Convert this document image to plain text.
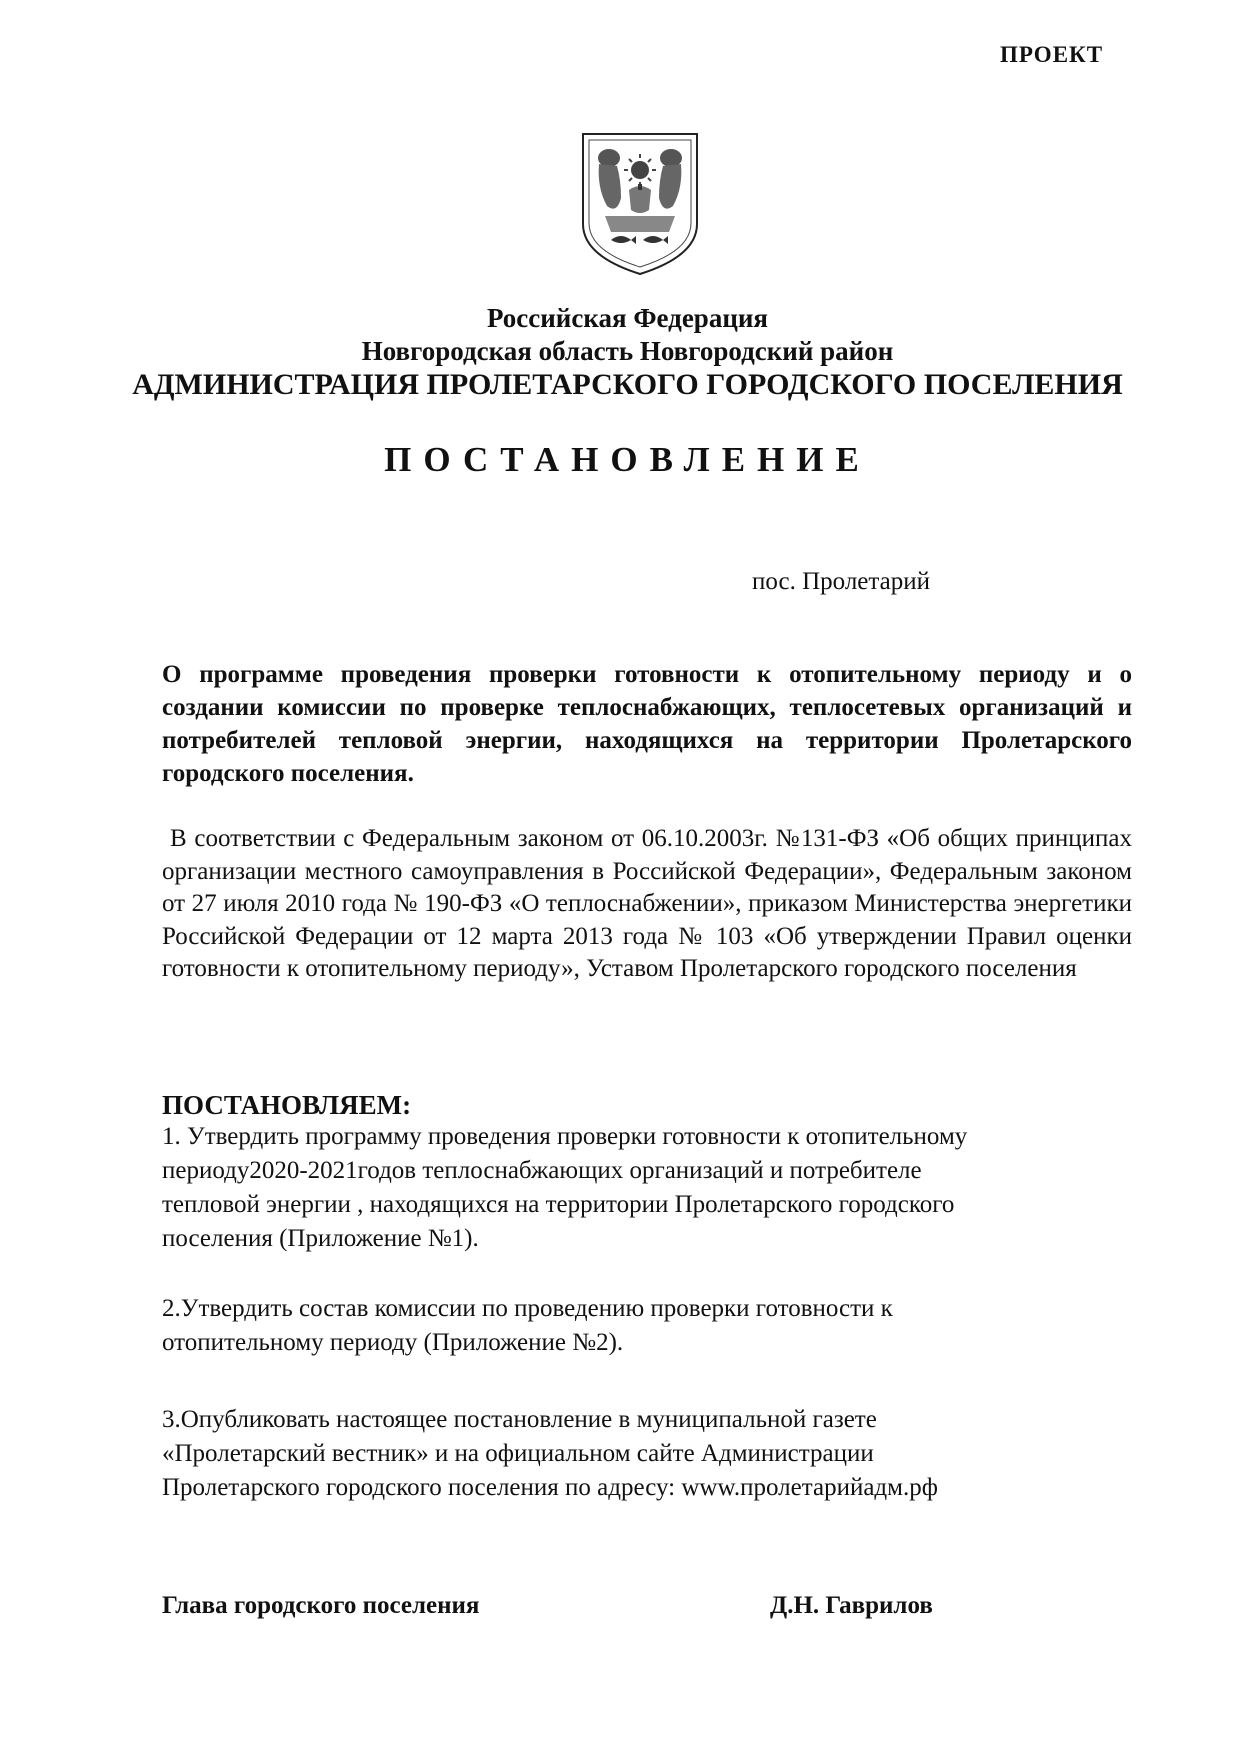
ПРОЕКТ
Российская Федерация
Новгородская область Новгородский район
АДМИНИСТРАЦИЯ ПРОЛЕТАРСКОГО ГОРОДСКОГО ПОСЕЛЕНИЯ
ПОСТАНОВЛЕНИЕ
пос. Пролетарий
О программе проведения проверки готовности к отопительному периоду и о создании комиссии по проверке теплоснабжающих, теплосетевых организаций и потребителей тепловой энергии, находящихся на территории Пролетарского городского поселения.
В соответствии с Федеральным законом от 06.10.2003г. №131-ФЗ «Об общих принципах организации местного самоуправления в Российской Федерации», Федеральным законом от 27 июля 2010 года № 190-ФЗ «О теплоснабжении», приказом Министерства энергетики Российской Федерации от 12 марта 2013 года № 103 «Об утверждении Правил оценки готовности к отопительному периоду», Уставом Пролетарского городского поселения
ПОСТАНОВЛЯЕМ:
1. Утвердить программу проведения проверки готовности к отопительному
периоду2020-2021годов теплоснабжающих организаций и потребителе
тепловой энергии , находящихся на территории Пролетарского городского
поселения (Приложение №1).
2.Утвердить состав комиссии по проведению проверки готовности к
отопительному периоду (Приложение №2).
3.Опубликовать настоящее постановление в муниципальной газете
«Пролетарский вестник» и на официальном сайте Администрации
Пролетарского городского поселения по адресу: www.пролетарийадм.рф
Глава городского поселения	Д.Н. Гаврилов
